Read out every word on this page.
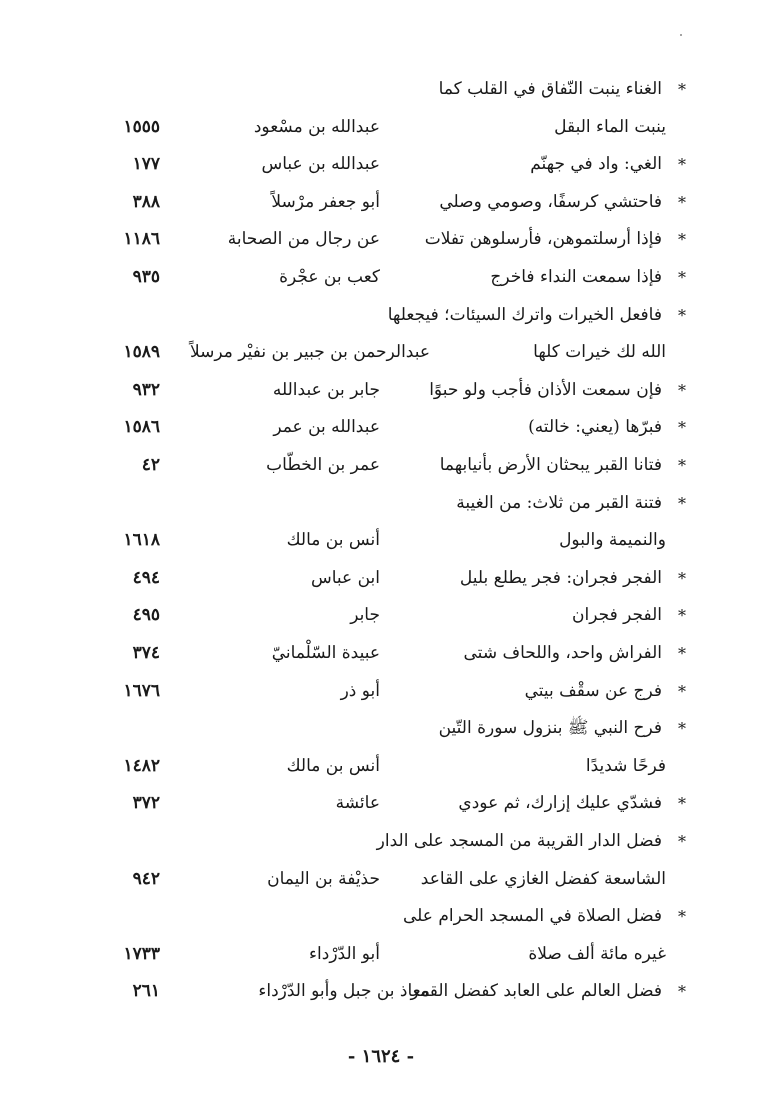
*
الغناء ينبت النّفاق في القلب كما
ينبت الماء البقل
عبدالله بن مسْعود
١٥٥٥
*
الغي: واد في جهنّم
عبدالله بن عباس
١٧٧
*
فاحتشي كرسفًا، وصومي وصلي
أبو جعفر مرْسلاً
٣٨٨
*
فإذا أرسلتموهن، فأرسلوهن تفلات
عن رجال من الصحابة
١١٨٦
*
فإذا سمعت النداء فاخرج
كعب بن عجْرة
٩٣٥
*
فافعل الخيرات واترك السيئات؛ فيجعلها
الله لك خيرات كلها
عبدالرحمن بن جبير بن نفيْر مرسلاً
١٥٨٩
*
فإن سمعت الأذان فأجب ولو حبوًا
جابر بن عبدالله
٩٣٢
*
فبرّها (يعني: خالته)
عبدالله بن عمر
١٥٨٦
*
فتانا القبر يبحثان الأرض بأنيابهما
عمر بن الخطّاب
٤٢
*
فتنة القبر من ثلاث: من الغيبة
والنميمة والبول
أنس بن مالك
١٦١٨
*
الفجر فجران: فجر يطلع بليل
ابن عباس
٤٩٤
*
الفجر فجران
جابر
٤٩٥
*
الفراش واحد، واللحاف شتى
عبيدة السّلْمانيّ
٣٧٤
*
فرج عن سقْف بيتي
أبو ذر
١٦٧٦
*
فرح النبي ﷺ بنزول سورة التّين
فرحًا شديدًا
أنس بن مالك
١٤٨٢
*
فشدّي عليك إزارك، ثم عودي
عائشة
٣٧٢
*
فضل الدار القريبة من المسجد على الدار
الشاسعة كفضل الغازي على القاعد
حذيْفة بن اليمان
٩٤٢
*
فضل الصلاة في المسجد الحرام على
غيره مائة ألف صلاة
أبو الدّرْداء
١٧٣٣
*
فضل العالم على العابد كفضل القمر
معاذ بن جبل وأبو الدّرْداء
٢٦١
- ١٦٢٤ -
